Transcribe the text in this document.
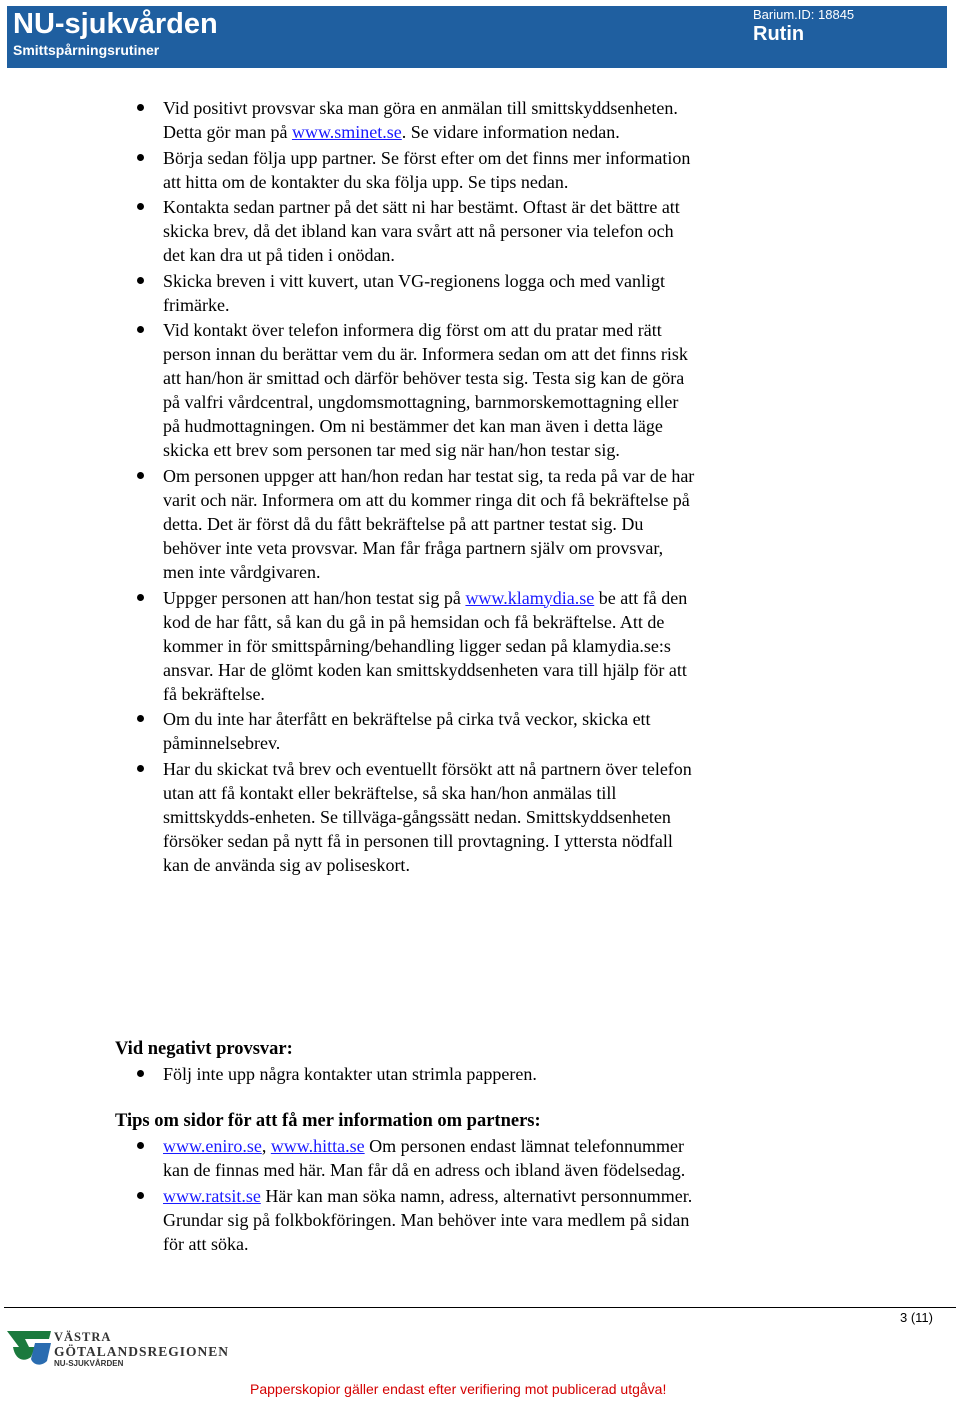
NU-sjukvården
Smittspårningsrutiner
Barium.ID: 18845
Rutin
Vid positivt provsvar ska man göra en anmälan till smittskyddsenheten. Detta gör man på www.sminet.se. Se vidare information nedan.
Börja sedan följa upp partner. Se först efter om det finns mer information att hitta om de kontakter du ska följa upp. Se tips nedan.
Kontakta sedan partner på det sätt ni har bestämt. Oftast är det bättre att skicka brev, då det ibland kan vara svårt att nå personer via telefon och det kan dra ut på tiden i onödan.
Skicka breven i vitt kuvert, utan VG-regionens logga och med vanligt frimärke.
Vid kontakt över telefon informera dig först om att du pratar med rätt person innan du berättar vem du är. Informera sedan om att det finns risk att han/hon är smittad och därför behöver testa sig. Testa sig kan de göra på valfri vårdcentral, ungdomsmottagning, barnmorskemottagning eller på hudmottagningen. Om ni bestämmer det kan man även i detta läge skicka ett brev som personen tar med sig när han/hon testar sig.
Om personen uppger att han/hon redan har testat sig, ta reda på var de har varit och när. Informera om att du kommer ringa dit och få bekräftelse på detta. Det är först då du fått bekräftelse på att partner testat sig. Du behöver inte veta provsvar. Man får fråga partnern själv om provsvar, men inte vårdgivaren.
Uppger personen att han/hon testat sig på www.klamydia.se be att få den kod de har fått, så kan du gå in på hemsidan och få bekräftelse. Att de kommer in för smittspårning/behandling ligger sedan på klamydia.se:s ansvar. Har de glömt koden kan smittskyddsenheten vara till hjälp för att få bekräftelse.
Om du inte har återfått en bekräftelse på cirka två veckor, skicka ett påminnelsebrev.
Har du skickat två brev och eventuellt försökt att nå partnern över telefon utan att få kontakt eller bekräftelse, så ska han/hon anmälas till smittskydds-enheten. Se tillväga-gångssätt nedan. Smittskyddsenheten försöker sedan på nytt få in personen till provtagning. I yttersta nödfall kan de använda sig av poliseskort.
Vid negativt provsvar:
Följ inte upp några kontakter utan strimla papperen.
Tips om sidor för att få mer information om partners:
www.eniro.se, www.hitta.se Om personen endast lämnat telefonnummer kan de finnas med här. Man får då en adress och ibland även födelsedag.
www.ratsit.se Här kan man söka namn, adress, alternativt personnummer. Grundar sig på folkbokföringen. Man behöver inte vara medlem på sidan för att söka.
3 (11)
VÄSTRA
GÖTALANDSREGIONEN
NU-SJUKVÅRDEN
Papperskopior gäller endast efter verifiering mot publicerad utgåva!
